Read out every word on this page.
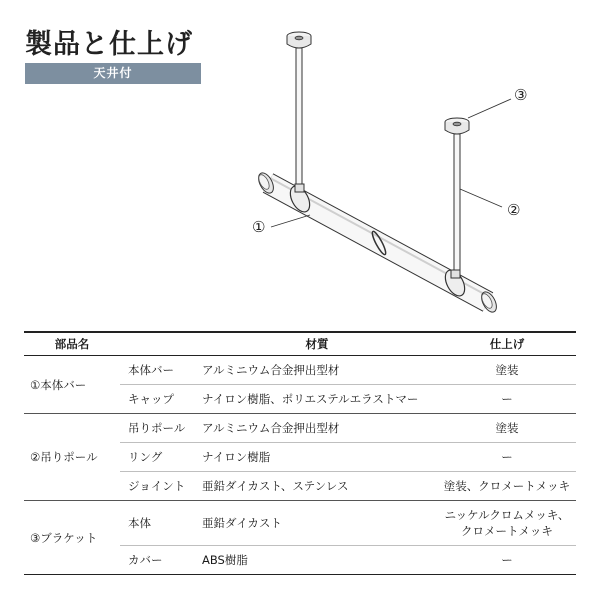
製品と仕上げ
天井付
①
②
③
部品名		材質	仕上げ
①本体バー	本体バー	アルミニウム合金押出型材	塗装
	キャップ	ナイロン樹脂、ポリエステルエラストマー	ー
②吊りポール	吊りポール	アルミニウム合金押出型材	塗装
	リング	ナイロン樹脂	ー
	ジョイント	亜鉛ダイカスト、ステンレス	塗装、クロメートメッキ
③ブラケット	本体	亜鉛ダイカスト	ニッケルクロムメッキ、
クロメートメッキ

	カバー	ABS樹脂	ー
